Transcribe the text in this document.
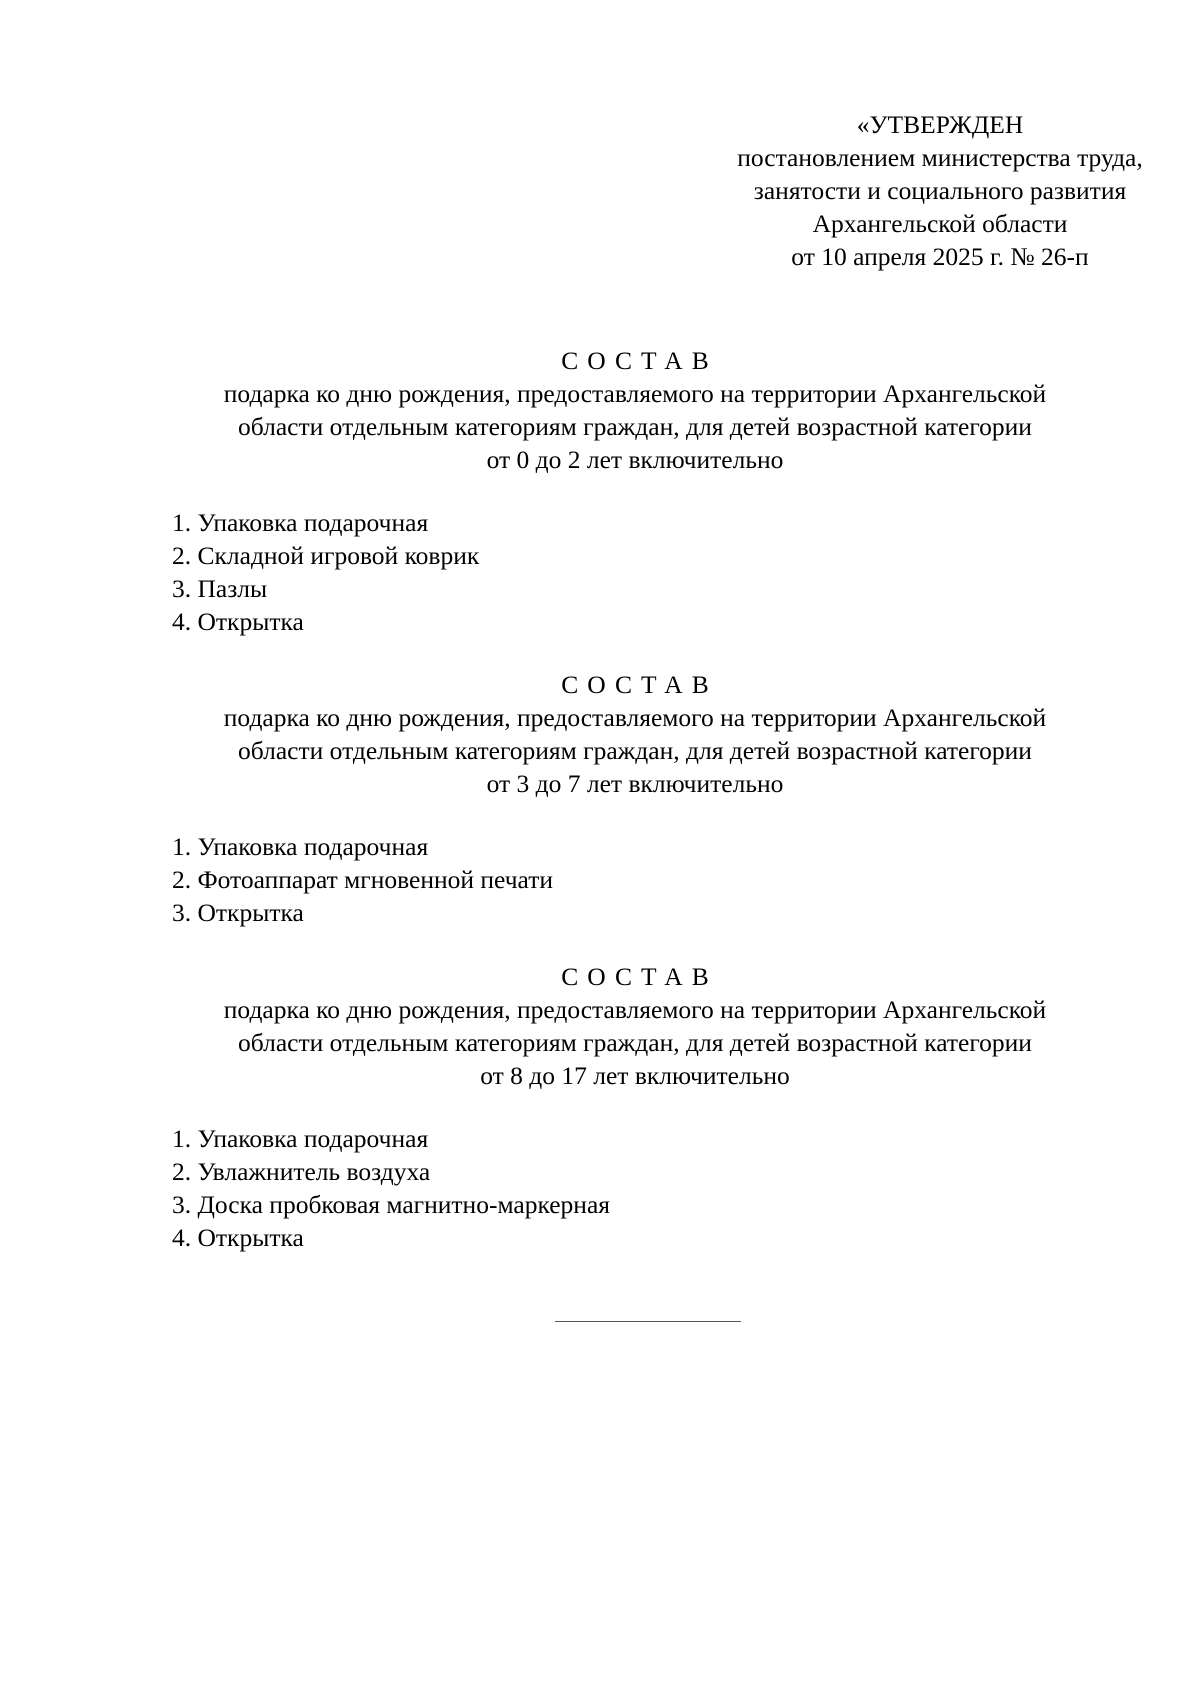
«УТВЕРЖДЕН
постановлением министерства труда,
занятости и социального развития
Архангельской области
от 10 апреля 2025 г. № 26-п
СОСТАВ
подарка ко дню рождения, предоставляемого на территории Архангельской
области отдельным категориям граждан, для детей возрастной категории
от 0 до 2 лет включительно
1. Упаковка подарочная
2. Складной игровой коврик
3. Пазлы
4. Открытка
СОСТАВ
подарка ко дню рождения, предоставляемого на территории Архангельской
области отдельным категориям граждан, для детей возрастной категории
от 3 до 7 лет включительно
1. Упаковка подарочная
2. Фотоаппарат мгновенной печати
3. Открытка
СОСТАВ
подарка ко дню рождения, предоставляемого на территории Архангельской
области отдельным категориям граждан, для детей возрастной категории
от 8 до 17 лет включительно
1. Упаковка подарочная
2. Увлажнитель воздуха
3. Доска пробковая магнитно-маркерная
4. Открытка
